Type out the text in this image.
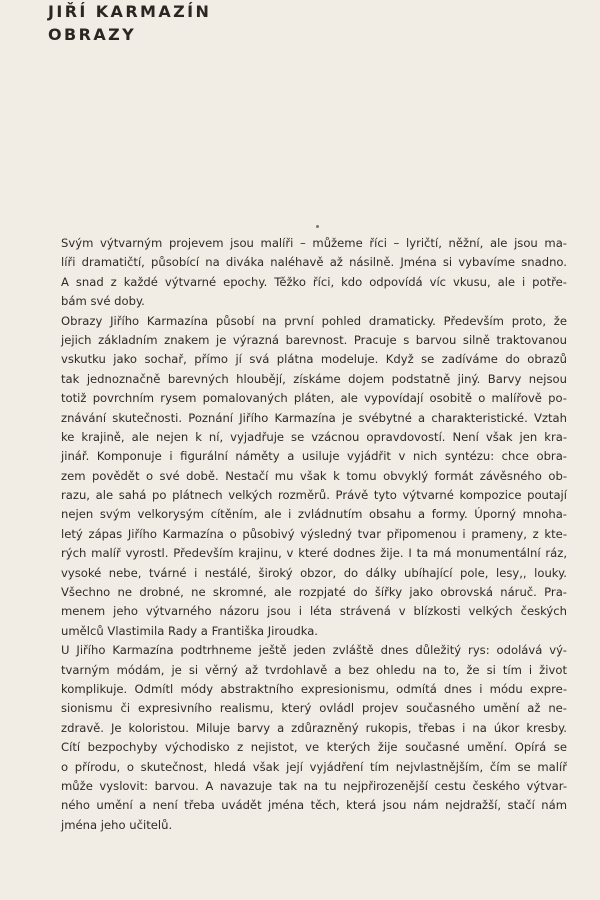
JIŘÍ KARMAZÍN
OBRAZY
Svým výtvarným projevem jsou malíři – můžeme říci – lyričtí, něžní, ale jsou ma-
líři dramatičtí, působící na diváka naléhavě až násilně. Jména si vybavíme snadno.
A snad z každé výtvarné epochy. Těžko říci, kdo odpovídá víc vkusu, ale i potře-
bám své doby.
Obrazy Jiřího Karmazína působí na první pohled dramaticky. Především proto, že
jejich základním znakem je výrazná barevnost. Pracuje s barvou silně traktovanou
vskutku jako sochař, přímo jí svá plátna modeluje. Když se zadíváme do obrazů
tak jednoznačně barevných hloubějí, získáme dojem podstatně jiný. Barvy nejsou
totiž povrchním rysem pomalovaných pláten, ale vypovídají osobitě o malířově po-
znávání skutečnosti. Poznání Jiřího Karmazína je svébytné a charakteristické. Vztah
ke krajině, ale nejen k ní, vyjadřuje se vzácnou opravdovostí. Není však jen kra-
jinář. Komponuje i figurální náměty a usiluje vyjádřit v nich syntézu: chce obra-
zem povědět o své době. Nestačí mu však k tomu obvyklý formát závěsného ob-
razu, ale sahá po plátnech velkých rozměrů. Právě tyto výtvarné kompozice poutají
nejen svým velkorysým cítěním, ale i zvládnutím obsahu a formy. Úporný mnoha-
letý zápas Jiřího Karmazína o působivý výsledný tvar připomenou i prameny, z kte-
rých malíř vyrostl. Především krajinu, v které dodnes žije. I ta má monumentální ráz,
vysoké nebe, tvárné i nestálé, široký obzor, do dálky ubíhající pole, lesy,, louky.
Všechno ne drobné, ne skromné, ale rozpjaté do šířky jako obrovská náruč. Pra-
menem jeho výtvarného názoru jsou i léta strávená v blízkosti velkých českých
umělců Vlastimila Rady a Františka Jiroudka.
U Jiřího Karmazína podtrhneme ještě jeden zvláště dnes důležitý rys: odolává vý-
tvarným módám, je si věrný až tvrdohlavě a bez ohledu na to, že si tím i život
komplikuje. Odmítl módy abstraktního expresionismu, odmítá dnes i módu expre-
sionismu či expresivního realismu, který ovládl projev současného umění až ne-
zdravě. Je koloristou. Miluje barvy a zdůrazněný rukopis, třebas i na úkor kresby.
Cítí bezpochyby východisko z nejistot, ve kterých žije současné umění. Opírá se
o přírodu, o skutečnost, hledá však její vyjádření tím nejvlastnějším, čím se malíř
může vyslovit: barvou. A navazuje tak na tu nejpřirozenější cestu českého výtvar-
ného umění a není třeba uvádět jména těch, která jsou nám nejdražší, stačí nám
jména jeho učitelů.
